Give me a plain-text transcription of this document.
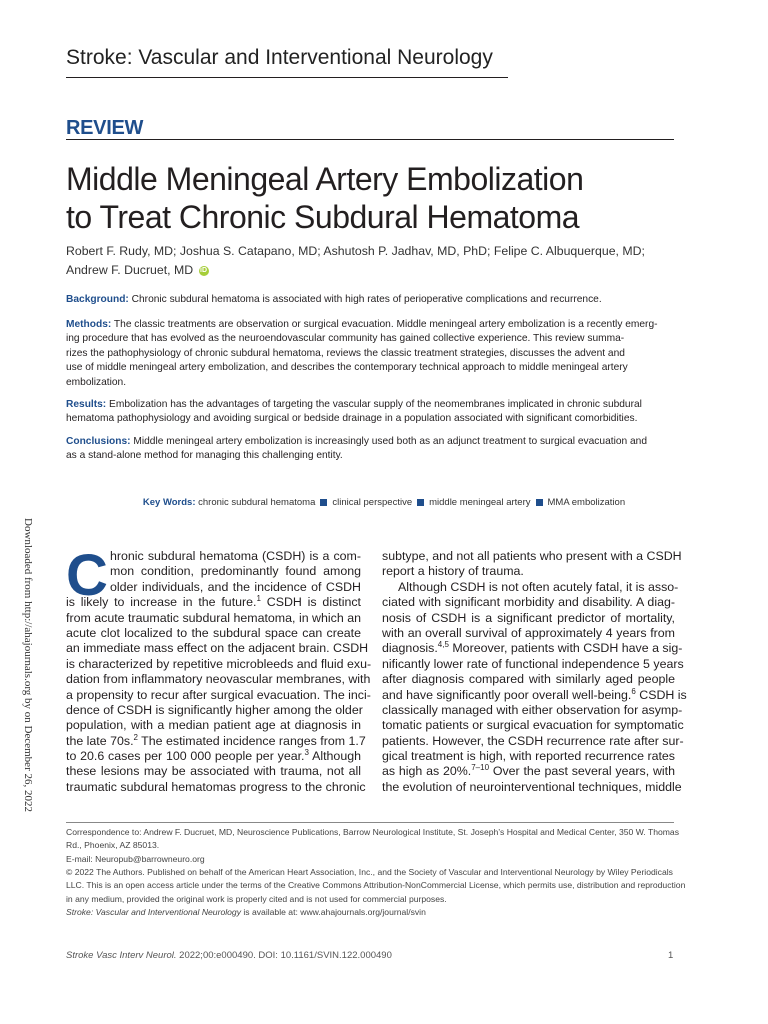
Stroke: Vascular and Interventional Neurology
REVIEW
Middle Meningeal Artery Embolization
to Treat Chronic Subdural Hematoma
Robert F. Rudy, MD; Joshua S. Catapano, MD; Ashutosh P. Jadhav, MD, PhD; Felipe C. Albuquerque, MD;
Andrew F. Ducruet, MD iD
Background: Chronic subdural hematoma is associated with high rates of perioperative complications and recurrence.
Methods: The classic treatments are observation or surgical evacuation. Middle meningeal artery embolization is a recently emerg-
ing procedure that has evolved as the neuroendovascular community has gained collective experience. This review summa-
rizes the pathophysiology of chronic subdural hematoma, reviews the classic treatment strategies, discusses the advent and
use of middle meningeal artery embolization, and describes the contemporary technical approach to middle meningeal artery
embolization.
Results: Embolization has the advantages of targeting the vascular supply of the neomembranes implicated in chronic subdural
hematoma pathophysiology and avoiding surgical or bedside drainage in a population associated with significant comorbidities.
Conclusions: Middle meningeal artery embolization is increasingly used both as an adjunct treatment to surgical evacuation and
as a stand-alone method for managing this challenging entity.
Key Words: chronic subdural hematoma clinical perspective middle meningeal artery MMA embolization
Downloaded from http://ahajournals.org by on December 26, 2022 C hronic subdural hematoma (CSDH) is a com-
mon condition, predominantly found among
older individuals, and the incidence of CSDH
is likely to increase in the future.$^1$ CSDH is distinct
from acute traumatic subdural hematoma, in which an
acute clot localized to the subdural space can create
an immediate mass effect on the adjacent brain. CSDH
is characterized by repetitive microbleeds and fluid exu-
dation from inflammatory neovascular membranes, with
a propensity to recur after surgical evacuation. The inci-
dence of CSDH is significantly higher among the older
population, with a median patient age at diagnosis in
the late 70s.$^2$ The estimated incidence ranges from 1.7
to 20.6 cases per 100 000 people per year.$^3$ Although
these lesions may be associated with trauma, not all
traumatic subdural hematomas progress to the chronic
subtype, and not all patients who present with a CSDH
report a history of trauma.
Although CSDH is not often acutely fatal, it is asso-
ciated with significant morbidity and disability. A diag-
nosis of CSDH is a significant predictor of mortality,
with an overall survival of approximately 4 years from
diagnosis.$^{4,5}$ Moreover, patients with CSDH have a sig-
nificantly lower rate of functional independence 5 years
after diagnosis compared with similarly aged people
and have significantly poor overall well-being.$^6$ CSDH is
classically managed with either observation for asymp-
tomatic patients or surgical evacuation for symptomatic
patients. However, the CSDH recurrence rate after sur-
gical treatment is high, with reported recurrence rates
as high as 20%.$^{7-10}$ Over the past several years, with
the evolution of neurointerventional techniques, middle
Correspondence to: Andrew F. Ducruet, MD, Neuroscience Publications, Barrow Neurological Institute, St. Joseph’s Hospital and Medical Center, 350 W. Thomas
Rd., Phoenix, AZ 85013.
E-mail: Neuropub@barrowneuro.org
© 2022 The Authors. Published on behalf of the American Heart Association, Inc., and the Society of Vascular and Interventional Neurology by Wiley Periodicals
LLC. This is an open access article under the terms of the Creative Commons Attribution-NonCommercial License, which permits use, distribution and reproduction
in any medium, provided the original work is properly cited and is not used for commercial purposes.
Stroke: Vascular and Interventional Neurology is available at: www.ahajournals.org/journal/svin
Stroke Vasc Interv Neurol. 2022;00:e000490. DOI: 10.1161/SVIN.122.000490	1
